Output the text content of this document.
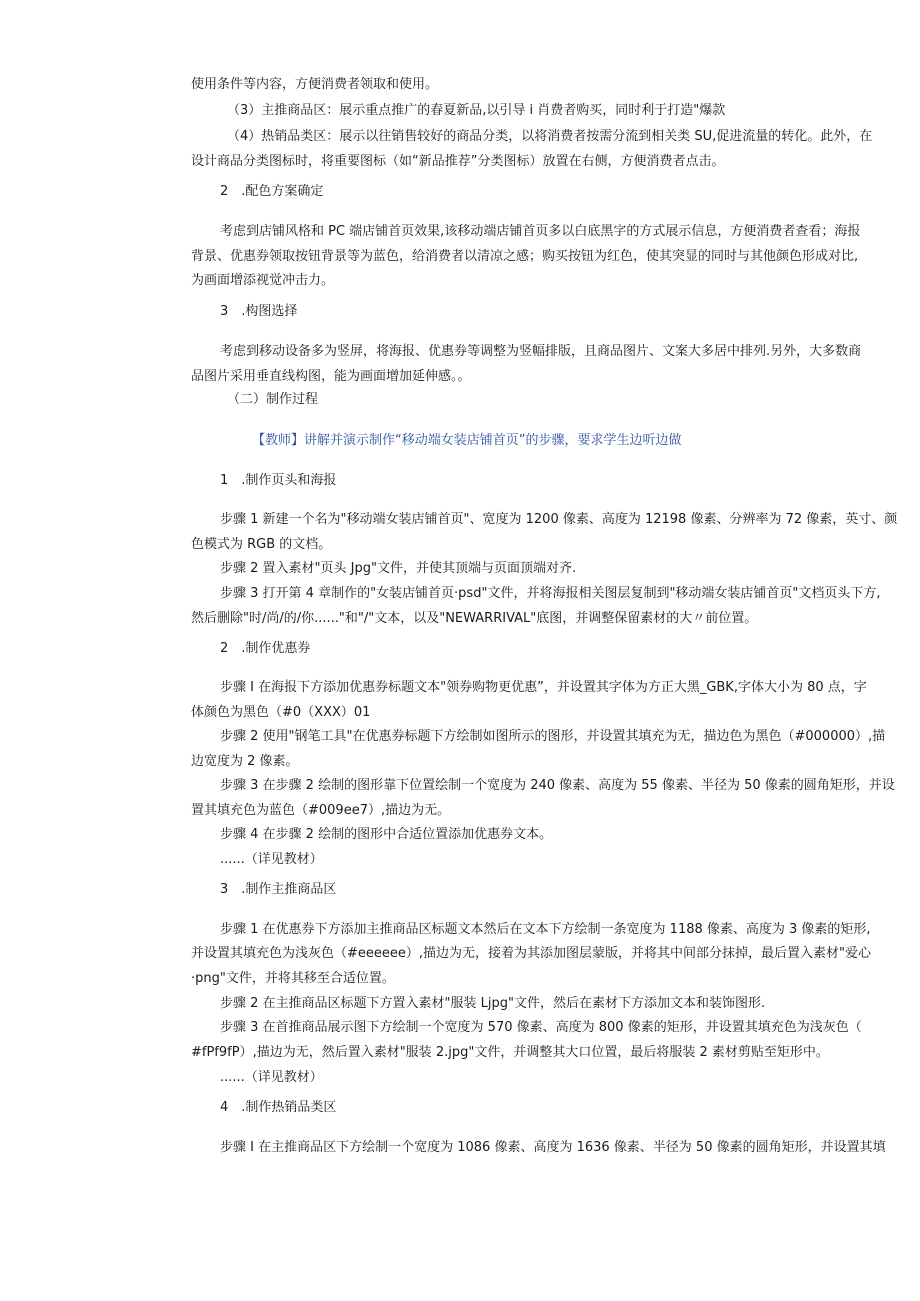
使用条件等内容，方便消费者领取和使用。
（3）主推商品区：展示重点推广的春夏新品,以引导 i 肖费者购买，同时利于打造"爆款
（4）热销品类区：展示以往销售较好的商品分类，以将消费者按需分流到相关类 SU,促进流量的转化。此外，在
设计商品分类图标时，将重要图标（如“新品推荐”分类图标）放置在右侧，方便消费者点击。
2　.配色方案确定
考虑到店铺风格和 PC 端店铺首页效果,该移动端店铺首页多以白底黑字的方式展示信息，方便消费者查看；海报
背景、优惠券领取按钮背景等为蓝色，给消费者以清凉之感；购买按钮为红色，使其突显的同时与其他颜色形成对比,
为画面增添视觉冲击力。
3　.构图选择
考虑到移动设备多为竖屏，将海报、优惠券等调整为竖幅排版，且商品图片、文案大多居中排列.另外，大多数商
品图片采用垂直线构图，能为画面增加延伸感。。
（二）制作过程
【教师】讲解并演示制作“移动端女装店铺首页”的步骤，要求学生边听边做
1　.制作页头和海报
步骤 1 新建一个名为"移动端女装店铺首页"、宽度为 1200 像素、高度为 12198 像素、分辨率为 72 像素，英寸、颜
色模式为 RGB 的文档。
步骤 2 置入素材"页头 Jpg"文件，并使其顶端与页面顶端对齐.
步骤 3 打开第 4 章制作的"女装店铺首页·psd"文件，并将海报相关图层复制到"移动端女装店铺首页"文档页头下方,
然后删除"时/尚/的/你......"和"/"文本，以及"NEWARRIVAL"底图，并调整保留素材的大〃前位置。
2　.制作优惠券
步骤 I 在海报下方添加优惠券标题文本"领券购物更优惠”，并设置其字体为方正大黑_GBK,字体大小为 80 点，字
体颜色为黑色（#0（XXX）01
步骤 2 使用"钢笔工具"在优惠券标题下方绘制如图所示的图形，并设置其填充为无，描边色为黑色（#000000）,描
边宽度为 2 像素。
步骤 3 在步骤 2 绘制的图形靠下位置绘制一个宽度为 240 像素、高度为 55 像素、半径为 50 像素的圆角矩形，并设
置其填充色为蓝色（#009ee7）,描边为无。
步骤 4 在步骤 2 绘制的图形中合适位置添加优惠券文本。
......（详见教材）
3　.制作主推商品区
步骤 1 在优惠券下方添加主推商品区标题文本然后在文本下方绘制一条宽度为 1188 像素、高度为 3 像素的矩形,
并设置其填充色为浅灰色（#eeeeee）,描边为无，接着为其添加图层蒙版，并将其中间部分抹掉，最后置入素材"爱心
·png"文件，并将其移至合适位置。
步骤 2 在主推商品区标题下方置入素材"服装 Ljpg"文件，然后在素材下方添加文本和装饰图形.
步骤 3 在首推商品展示图下方绘制一个宽度为 570 像素、高度为 800 像素的矩形，并设置其填充色为浅灰色（
#fPf9fP）,描边为无，然后置入素材"服装 2.jpg"文件，并调整其大口位置，最后将服装 2 素材剪贴至矩形中。
......（详见教材）
4　.制作热销品类区
步骤 I 在主推商品区下方绘制一个宽度为 1086 像素、高度为 1636 像素、半径为 50 像素的圆角矩形，并设置其填
